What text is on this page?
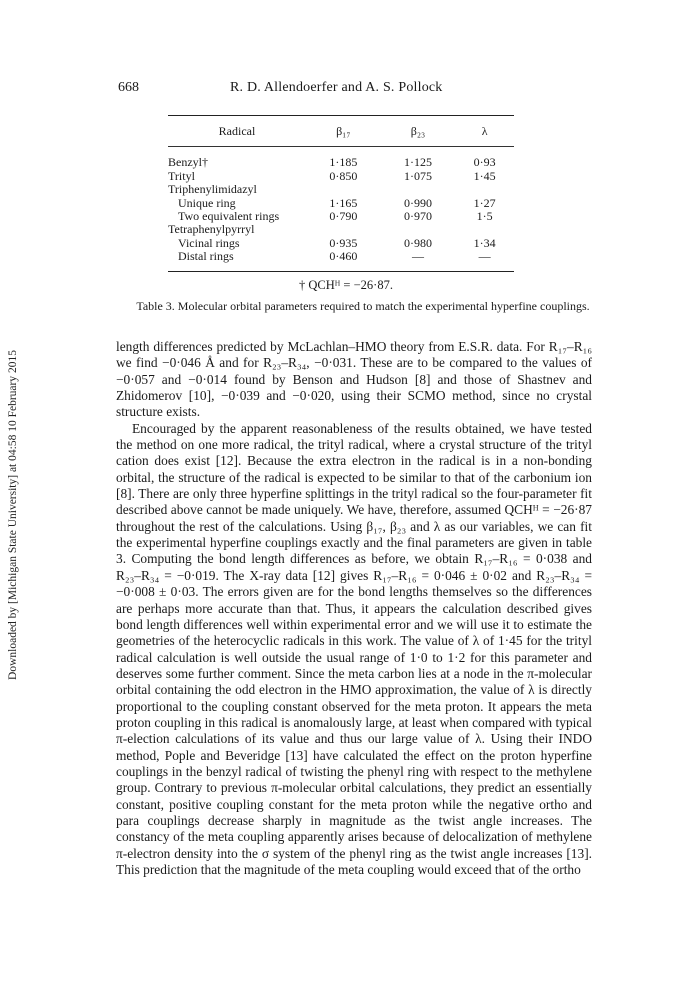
Downloaded by [Michigan State University] at 04:58 10 February 2015
668	R. D. Allendoerfer and A. S. Pollock
Radical	β₁₇	β₂₃	λ

Benzyl†	1·185	1·125	0·93
Trityl	0·850	1·075	1·45
Triphenylimidazyl			
Unique ring	1·165	0·990	1·27
Two equivalent rings	0·790	0·970	1·5
Tetraphenylpyrryl			
Vicinal rings	0·935	0·980	1·34
Distal rings	0·460	—	—
† QCHᴴ = −26·87.
Table 3. Molecular orbital parameters required to match the experimental hyperfine couplings.

length differences predicted by McLachlan–HMO theory from E.S.R. data. For R₁₇–R₁₆ we find −0·046 Å and for R₂₃–R₃₄, −0·031. These are to be compared to the values of −0·057 and −0·014 found by Benson and Hudson [8] and those of Shastnev and Zhidomerov [10], −0·039 and −0·020, using their SCMO method, since no crystal structure exists.

Encouraged by the apparent reasonableness of the results obtained, we have tested the method on one more radical, the trityl radical, where a crystal structure of the trityl cation does exist [12]. Because the extra electron in the radical is in a non-bonding orbital, the structure of the radical is expected to be similar to that of the carbonium ion [8]. There are only three hyperfine splittings in the trityl radical so the four-parameter fit described above cannot be made uniquely. We have, therefore, assumed QCHᴴ = −26·87 throughout the rest of the calculations. Using β₁₇, β₂₃ and λ as our variables, we can fit the experimental hyperfine couplings exactly and the final parameters are given in table 3. Computing the bond length differences as before, we obtain R₁₇–R₁₆ = 0·038 and R₂₃–R₃₄ = −0·019. The X-ray data [12] gives R₁₇–R₁₆ = 0·046 ± 0·02 and R₂₃–R₃₄ = −0·008 ± 0·03. The errors given are for the bond lengths themselves so the differences are perhaps more accurate than that. Thus, it appears the calculation described gives bond length differences well within experimental error and we will use it to estimate the geometries of the heterocyclic radicals in this work. The value of λ of 1·45 for the trityl radical calculation is well outside the usual range of 1·0 to 1·2 for this parameter and deserves some further comment. Since the meta carbon lies at a node in the π-molecular orbital containing the odd electron in the HMO approximation, the value of λ is directly proportional to the coupling constant observed for the meta proton. It appears the meta proton coupling in this radical is anomalously large, at least when compared with typical π-election calculations of its value and thus our large value of λ. Using their INDO method, Pople and Beveridge [13] have calculated the effect on the proton hyperfine couplings in the benzyl radical of twisting the phenyl ring with respect to the methylene group. Contrary to previous π-molecular orbital calculations, they predict an essentially constant, positive coupling constant for the meta proton while the negative ortho and para couplings decrease sharply in magnitude as the twist angle increases. The constancy of the meta coupling apparently arises because of delocalization of methylene π-electron density into the σ system of the phenyl ring as the twist angle increases [13]. This prediction that the magnitude of the meta coupling would exceed that of the ortho
